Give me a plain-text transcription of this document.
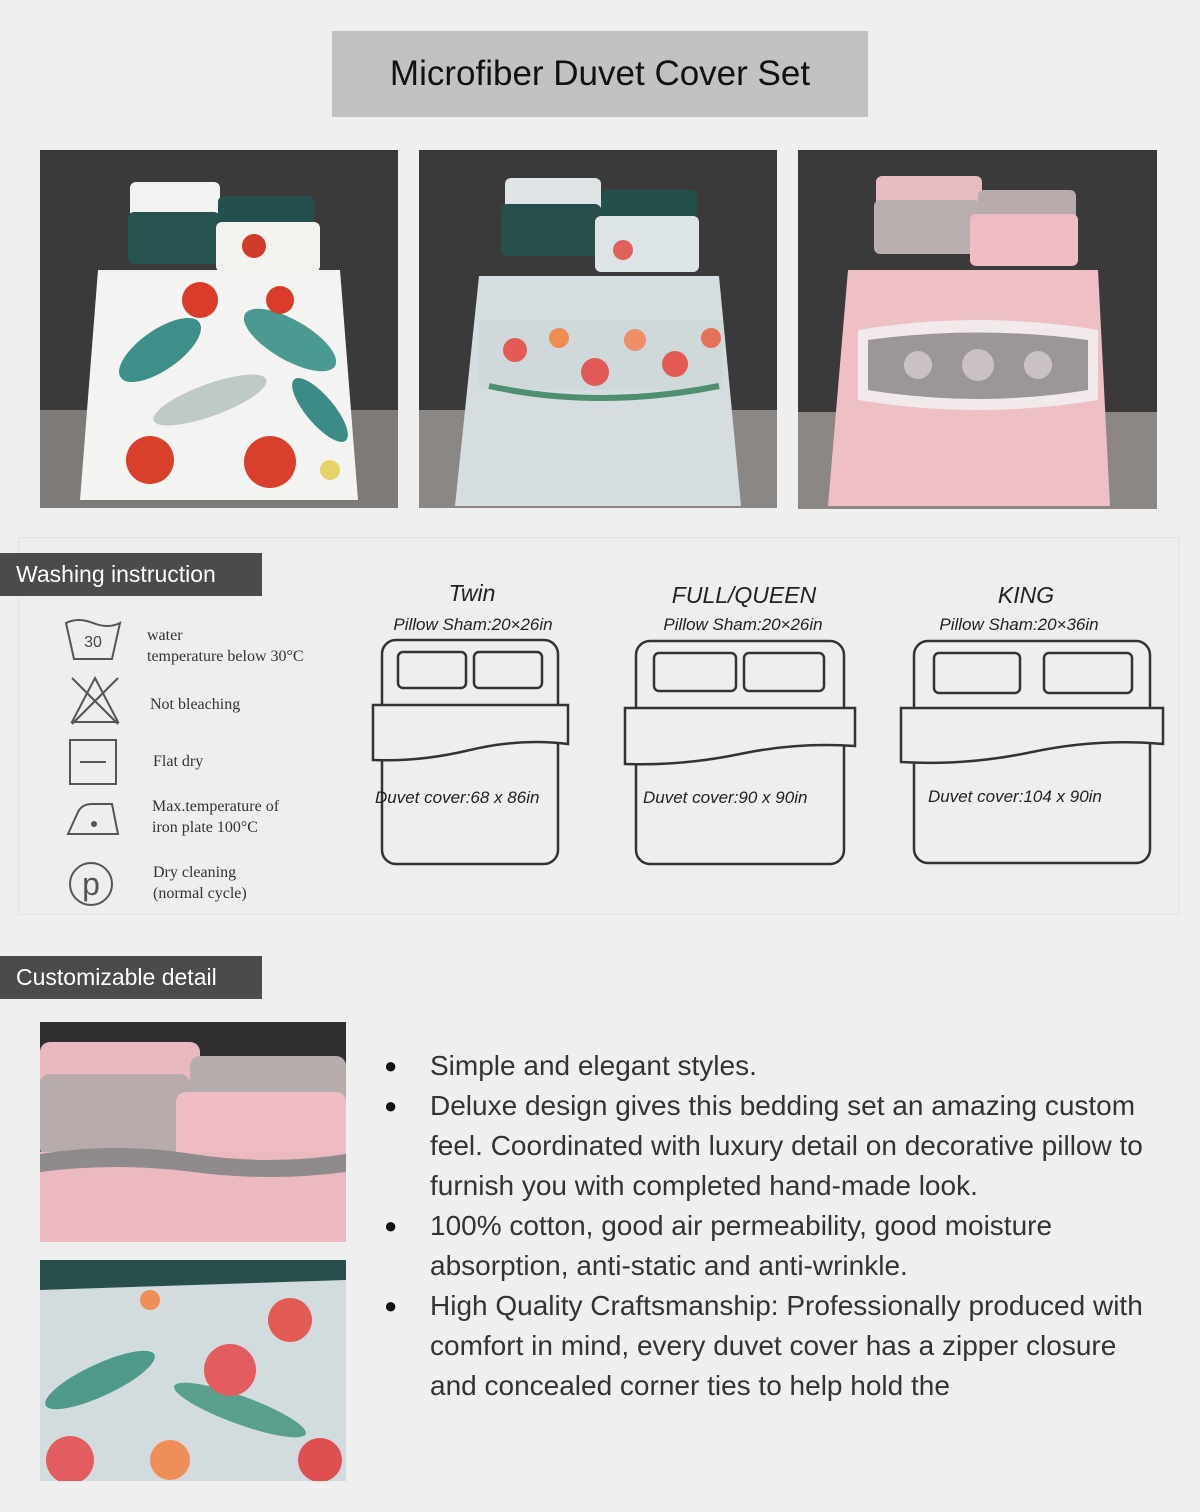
Microfiber Duvet Cover Set
Washing instruction
30	water
temperature below 30°C
Not bleaching
Flat dry
Max.temperature of
iron plate 100°C
p	Dry cleaning
(normal cycle)
Twin
Pillow Sham:20×26in
Duvet cover:68 x 86in
FULL/QUEEN
Pillow Sham:20×26in
Duvet cover:90 x 90in
KING
Pillow Sham:20×36in
Duvet cover:104 x 90in
Customizable detail
●	Simple and elegant styles.
●	Deluxe design gives this bedding set an amazing custom feel. Coordinated with luxury detail on decorative pillow to furnish you with completed hand-made look.
●	100% cotton, good air permeability, good moisture absorption, anti-static and anti-wrinkle.
●	High Quality Craftsmanship: Professionally produced with comfort in mind, every duvet cover has a zipper closure and concealed corner ties to help hold the
